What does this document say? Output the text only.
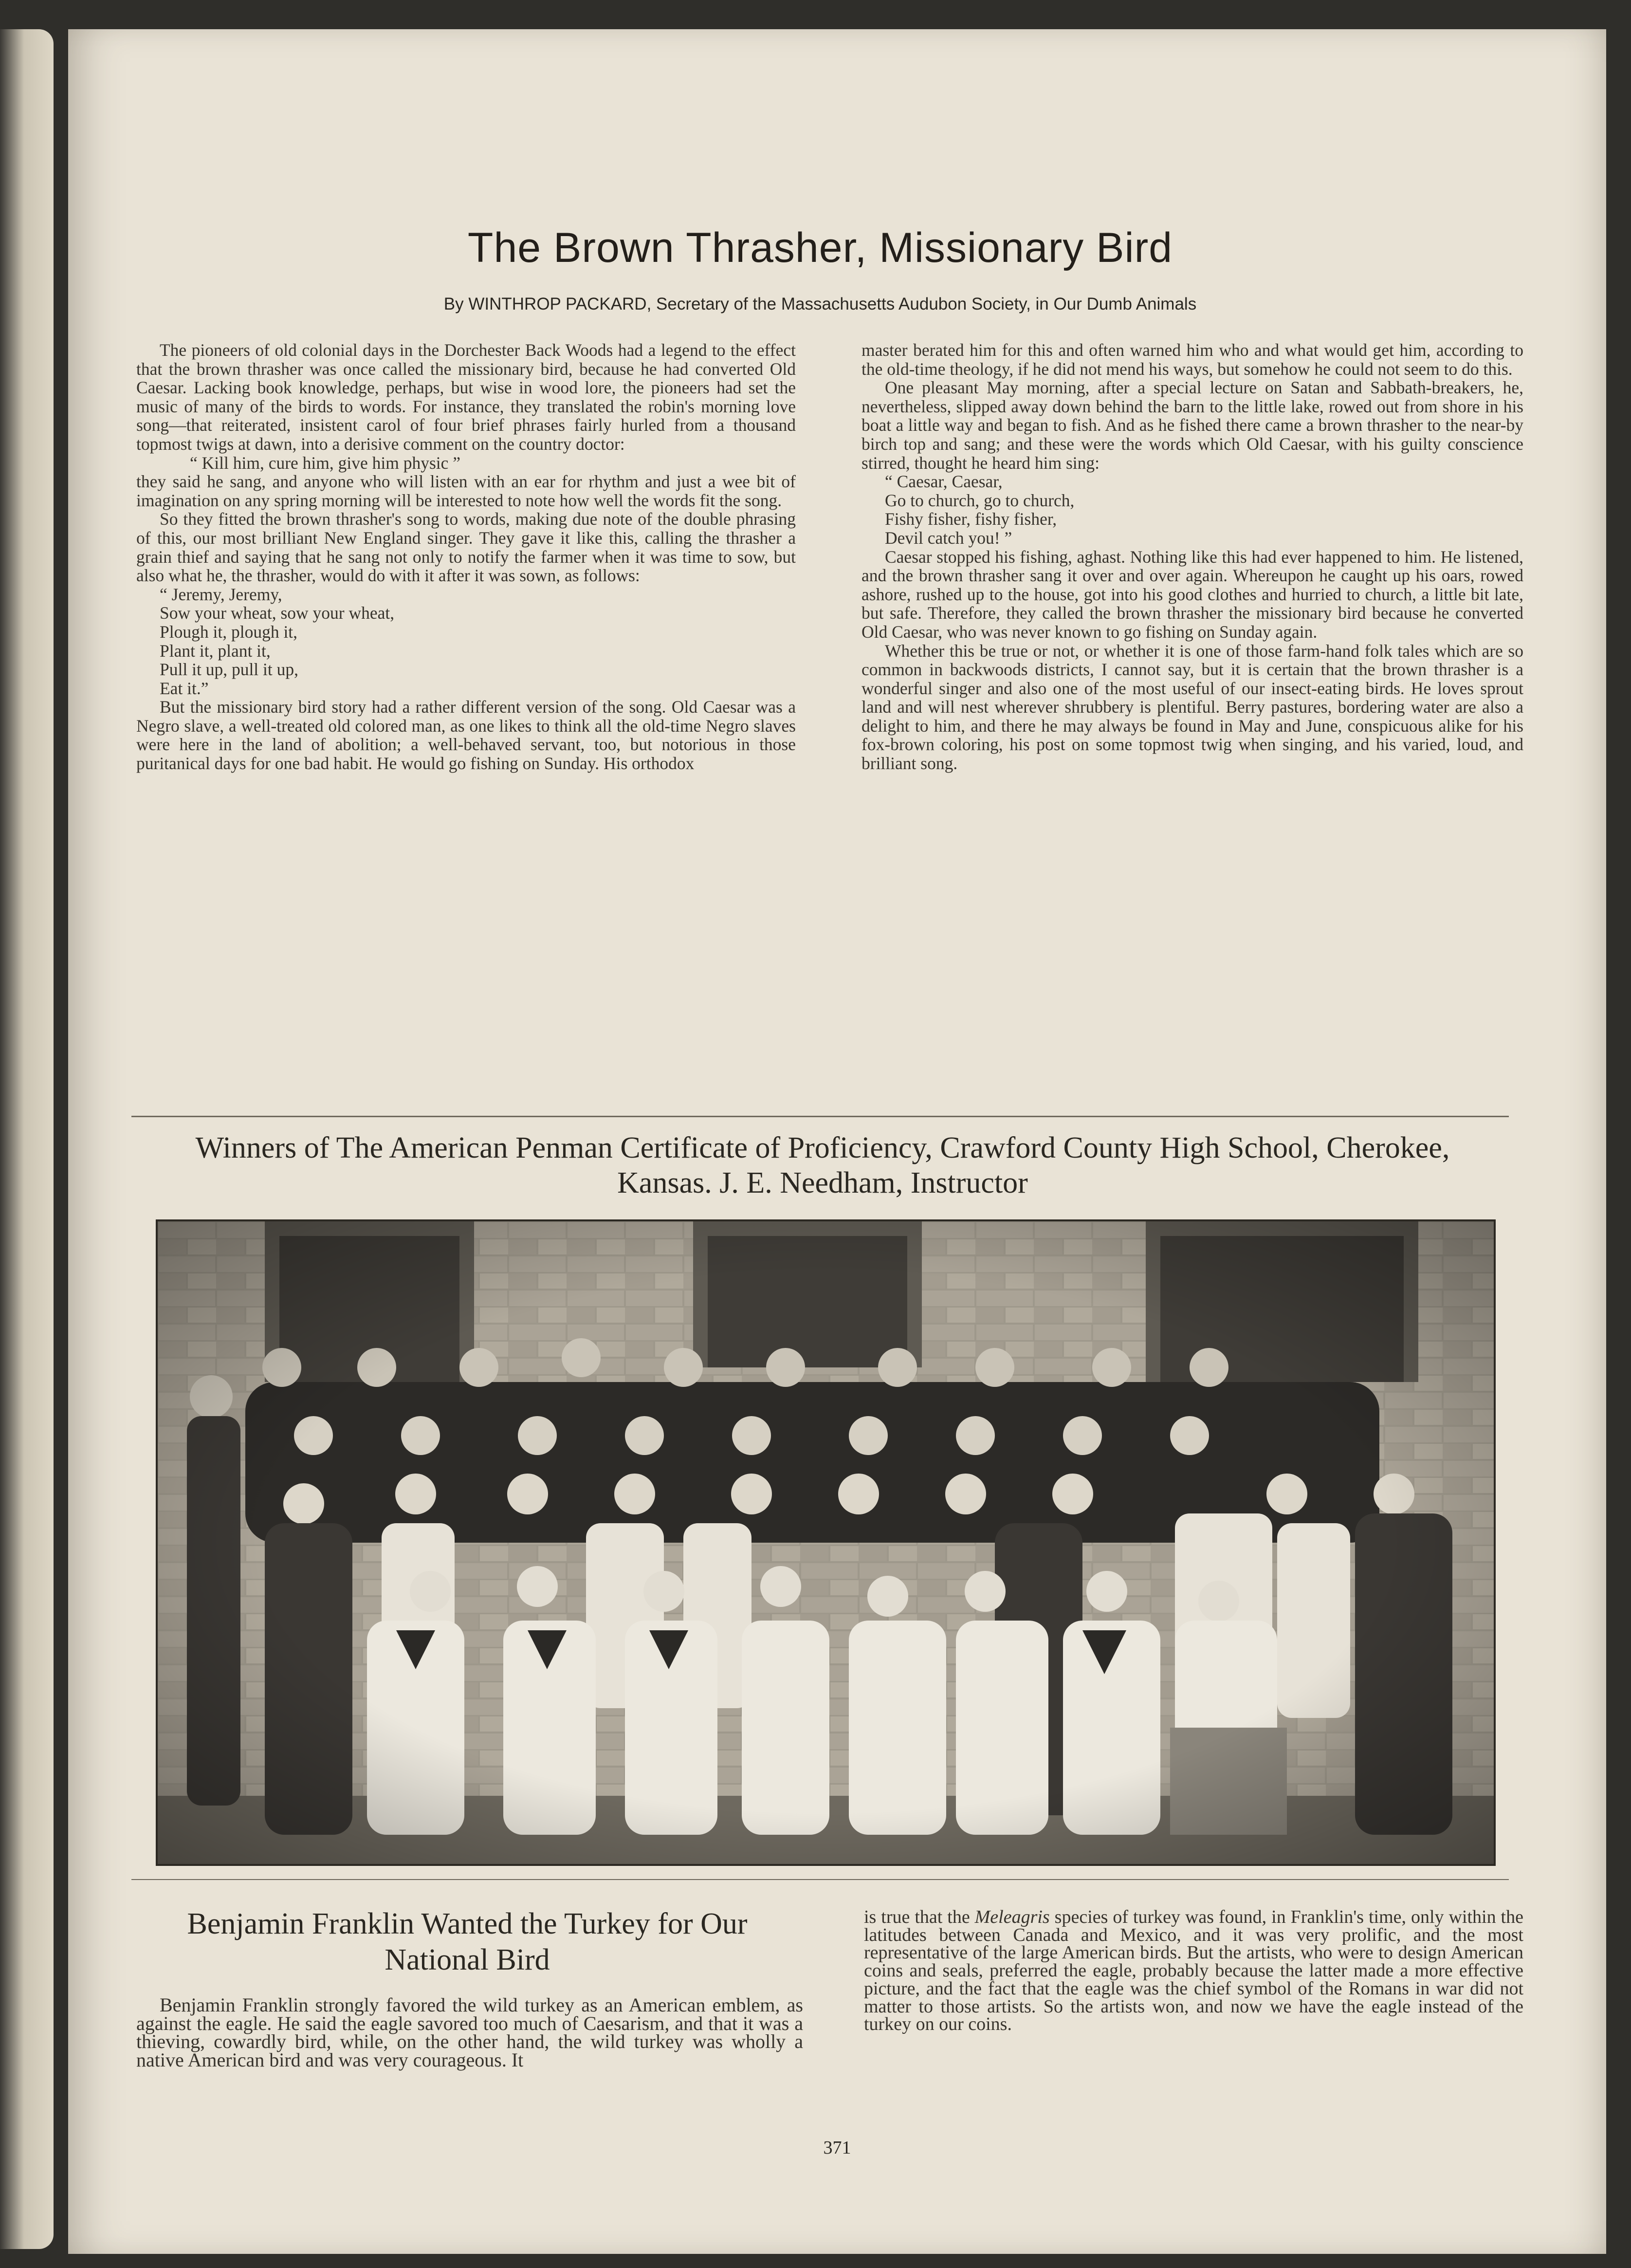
The Brown Thrasher, Missionary Bird
By WINTHROP PACKARD, Secretary of the Massachusetts Audubon Society, in Our Dumb Animals

The pioneers of old colonial days in the Dorchester Back Woods had a legend to the effect that the brown thrasher was once called the missionary bird, because he had converted Old Caesar. Lacking book knowledge, perhaps, but wise in wood lore, the pioneers had set the music of many of the birds to words. For instance, they translated the robin's morning love song—that reiterated, insistent carol of four brief phrases fairly hurled from a thousand topmost twigs at dawn, into a derisive comment on the country doctor:

“ Kill him, cure him, give him physic ”

they said he sang, and anyone who will listen with an ear for rhythm and just a wee bit of imagination on any spring morning will be interested to note how well the words fit the song.

So they fitted the brown thrasher's song to words, making due note of the double phrasing of this, our most brilliant New England singer. They gave it like this, calling the thrasher a grain thief and saying that he sang not only to notify the farmer when it was time to sow, but also what he, the thrasher, would do with it after it was sown, as follows:

“ Jeremy, Jeremy,
Sow your wheat, sow your wheat,
Plough it, plough it,
Plant it, plant it,
Pull it up, pull it up,
Eat it.”

But the missionary bird story had a rather different version of the song. Old Caesar was a Negro slave, a well-treated old colored man, as one likes to think all the old-time Negro slaves were here in the land of abolition; a well-behaved servant, too, but notorious in those puritanical days for one bad habit. He would go fishing on Sunday. His orthodox

master berated him for this and often warned him who and what would get him, according to the old-time theology, if he did not mend his ways, but somehow he could not seem to do this.

One pleasant May morning, after a special lecture on Satan and Sabbath-breakers, he, nevertheless, slipped away down behind the barn to the little lake, rowed out from shore in his boat a little way and began to fish. And as he fished there came a brown thrasher to the near-by birch top and sang; and these were the words which Old Caesar, with his guilty conscience stirred, thought he heard him sing:

“ Caesar, Caesar,
Go to church, go to church,
Fishy fisher, fishy fisher,
Devil catch you! ”

Caesar stopped his fishing, aghast. Nothing like this had ever happened to him. He listened, and the brown thrasher sang it over and over again. Whereupon he caught up his oars, rowed ashore, rushed up to the house, got into his good clothes and hurried to church, a little bit late, but safe. Therefore, they called the brown thrasher the missionary bird because he converted Old Caesar, who was never known to go fishing on Sunday again.

Whether this be true or not, or whether it is one of those farm-hand folk tales which are so common in backwoods districts, I cannot say, but it is certain that the brown thrasher is a wonderful singer and also one of the most useful of our insect-eating birds. He loves sprout land and will nest wherever shrubbery is plentiful. Berry pastures, bordering water are also a delight to him, and there he may always be found in May and June, conspicuous alike for his fox-brown coloring, his post on some topmost twig when singing, and his varied, loud, and brilliant song.

Winners of The American Penman Certificate of Proficiency, Crawford County High School, Cherokee,
Kansas. J. E. Needham, Instructor
Benjamin Franklin Wanted the Turkey for Our National Bird

Benjamin Franklin strongly favored the wild turkey as an American emblem, as against the eagle. He said the eagle savored too much of Caesarism, and that it was a thieving, cowardly bird, while, on the other hand, the wild turkey was wholly a native American bird and was very courageous. It

is true that the Meleagris species of turkey was found, in Franklin's time, only within the latitudes between Canada and Mexico, and it was very prolific, and the most representative of the large American birds. But the artists, who were to design American coins and seals, preferred the eagle, probably because the latter made a more effective picture, and the fact that the eagle was the chief symbol of the Romans in war did not matter to those artists. So the artists won, and now we have the eagle instead of the turkey on our coins.

371
